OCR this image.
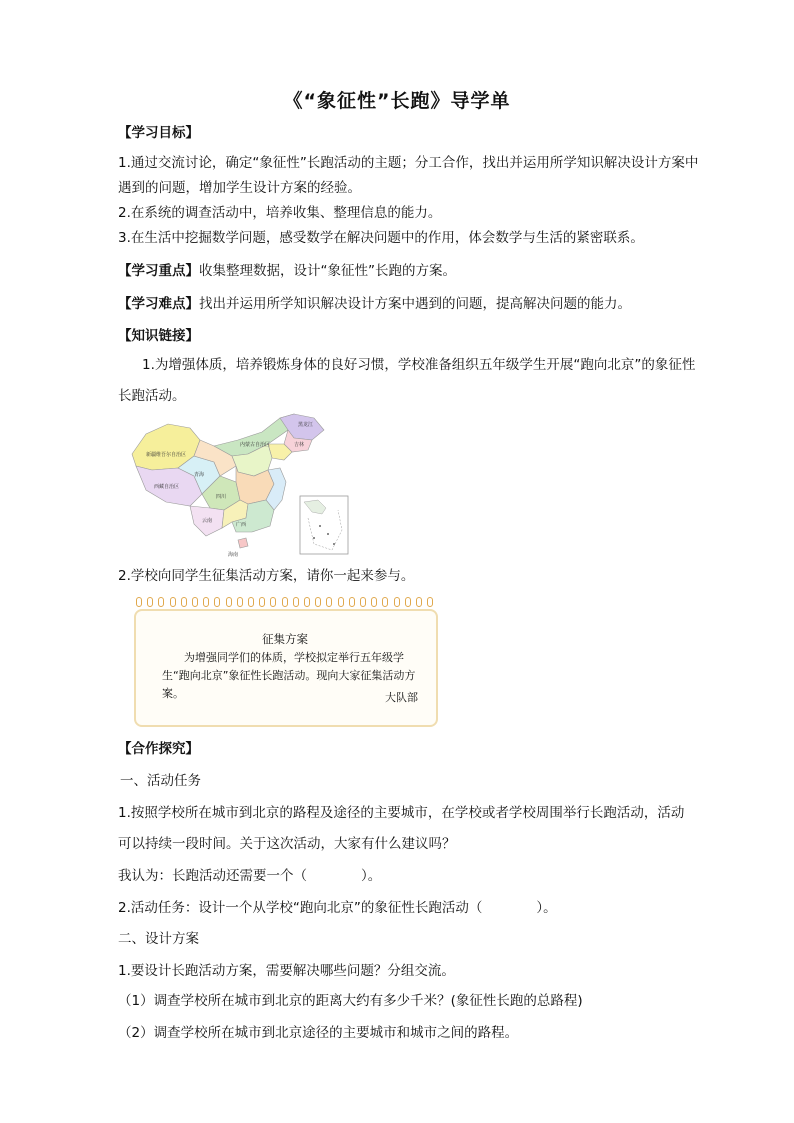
《“象征性”长跑》导学单
【学习目标】
1.通过交流讨论，确定“象征性”长跑活动的主题；分工合作，找出并运用所学知识解决设计方案中
遇到的问题，增加学生设计方案的经验。
2.在系统的调查活动中，培养收集、整理信息的能力。
3.在生活中挖掘数学问题，感受数学在解决问题中的作用，体会数学与生活的紧密联系。
【学习重点】收集整理数据，设计“象征性”长跑的方案。
【学习难点】找出并运用所学知识解决设计方案中遇到的问题，提高解决问题的能力。
【知识链接】
1.为增强体质，培养锻炼身体的良好习惯，学校准备组织五年级学生开展“跑向北京”的象征性
长跑活动。
新疆维吾尔自治区
西藏自治区
青海
内蒙古自治区
黑龙江
吉林
四川
云南
广西
海南
2.学校向同学生征集活动方案，请你一起来参与。
征集方案
为增强同学们的体质，学校拟定举行五年级学生“跑向北京”象征性长跑活动。现向大家征集活动方案。	大队部
【合作探究】
一、活动任务
1.按照学校所在城市到北京的路程及途径的主要城市，在学校或者学校周围举行长跑活动，活动
可以持续一段时间。关于这次活动，大家有什么建议吗？
我认为：长跑活动还需要一个（　　　　）。
2.活动任务：设计一个从学校“跑向北京”的象征性长跑活动（　　　　）。
二、设计方案
1.要设计长跑活动方案，需要解决哪些问题？分组交流。
（1）调查学校所在城市到北京的距离大约有多少千米？(象征性长跑的总路程)
（2）调查学校所在城市到北京途径的主要城市和城市之间的路程。
